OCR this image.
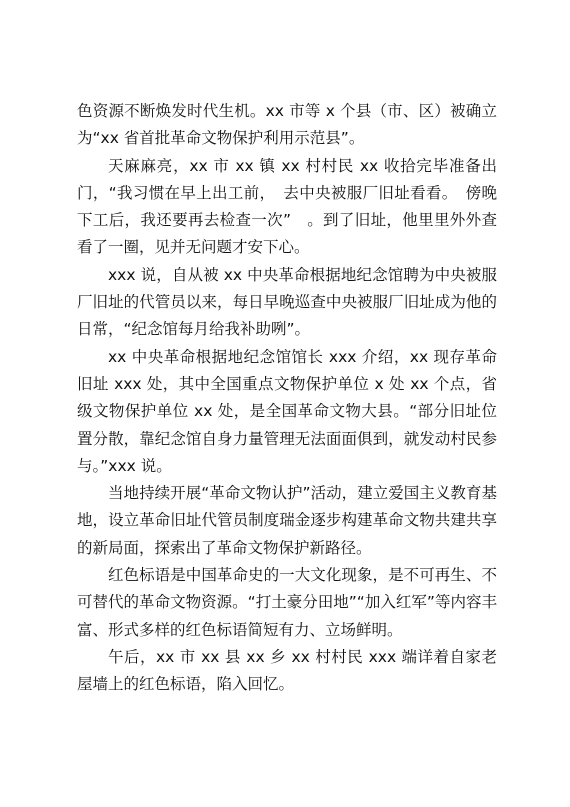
色资源不断焕发时代生机。xx 市等 x 个县（市、区）被确立为“xx 省首批革命文物保护利用示范县”。

天麻麻亮，xx 市 xx 镇 xx 村村民 xx 收拾完毕准备出门，“我习惯在早上出工前，　去中央被服厂旧址看看。　傍晚下工后，我还要再去检查一次”　。到了旧址，他里里外外查看了一圈，见并无问题才安下心。

xxx 说，自从被 xx 中央革命根据地纪念馆聘为中央被服厂旧址的代管员以来，每日早晚巡查中央被服厂旧址成为他的日常，“纪念馆每月给我补助咧”。

xx 中央革命根据地纪念馆馆长 xxx 介绍，xx 现存革命旧址 xxx 处，其中全国重点文物保护单位 x 处 xx 个点，省级文物保护单位 xx 处，是全国革命文物大县。“部分旧址位置分散，靠纪念馆自身力量管理无法面面俱到，就发动村民参与。”xxx 说。

当地持续开展“革命文物认护”活动，建立爱国主义教育基地，设立革命旧址代管员制度瑞金逐步构建革命文物共建共享的新局面，探索出了革命文物保护新路径。

红色标语是中国革命史的一大文化现象，是不可再生、不可替代的革命文物资源。“打土豪分田地”“加入红军”等内容丰富、形式多样的红色标语简短有力、立场鲜明。

午后，xx 市 xx 县 xx 乡 xx 村村民 xxx 端详着自家老屋墙上的红色标语，陷入回忆。
